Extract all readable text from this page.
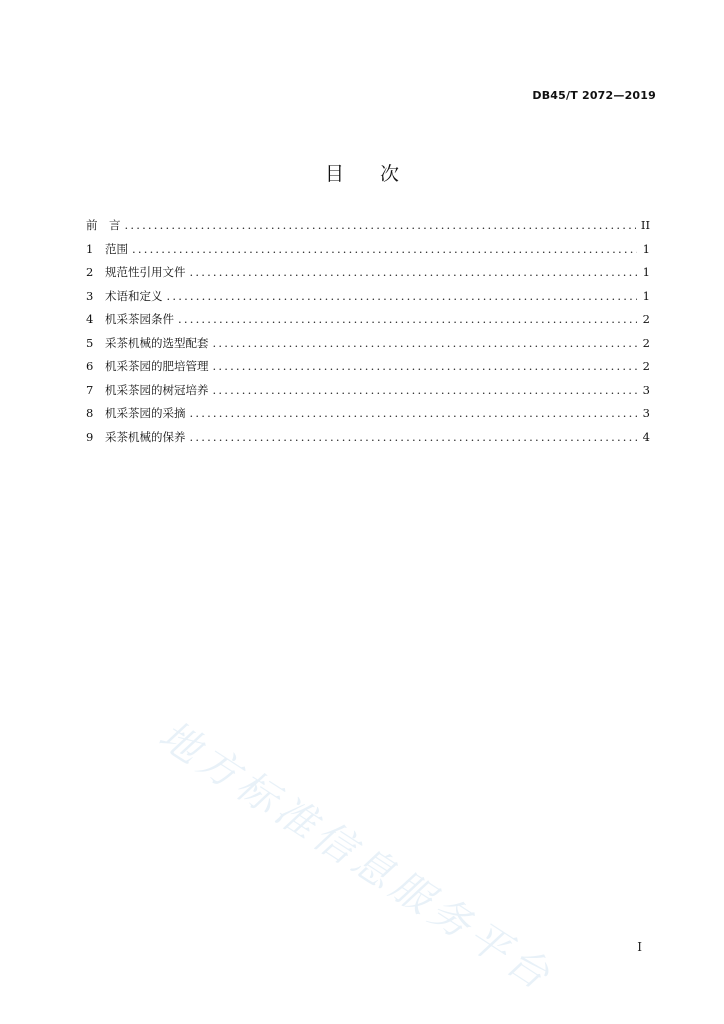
DB45/T 2072—2019
目次
前　言 .....	II
1	范围 .....	1
2	规范性引用文件 .....	1
3	术语和定义 .....	1
4	机采茶园条件 .....	2
5	采茶机械的选型配套 .....	2
6	机采茶园的肥培管理 .....	2
7	机采茶园的树冠培养 .....	3
8	机采茶园的采摘 .....	3
9	采茶机械的保养 .....	4
地方标准信息服务平台	I
